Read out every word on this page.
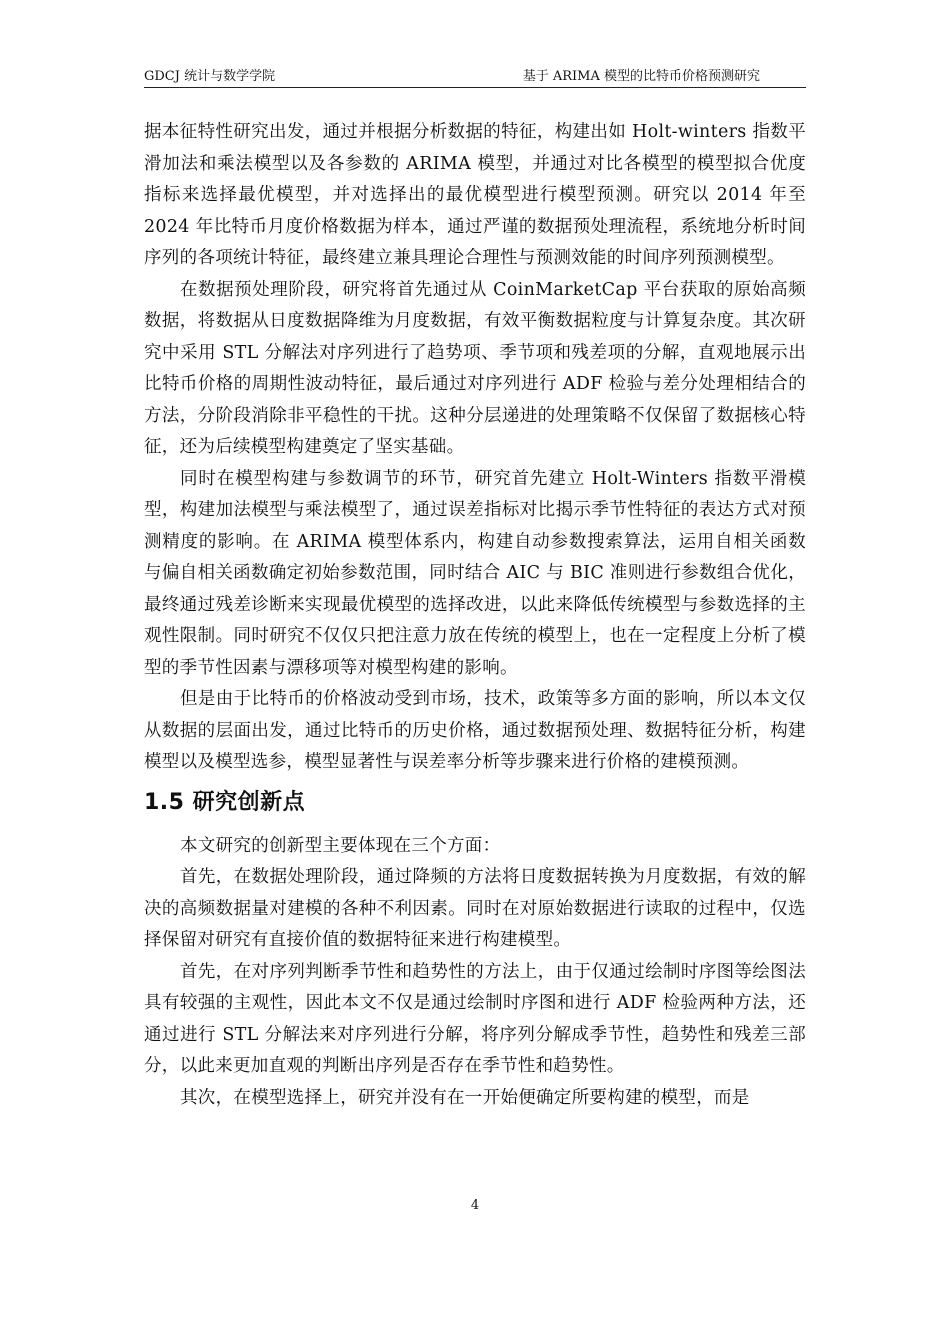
GDCJ 统计与数学学院	基于 ARIMA 模型的比特币价格预测研究

据本征特性研究出发，通过并根据分析数据的特征，构建出如 Holt-winters 指数平滑加法和乘法模型以及各参数的 ARIMA 模型，并通过对比各模型的模型拟合优度指标来选择最优模型，并对选择出的最优模型进行模型预测。研究以 2014 年至 2024 年比特币月度价格数据为样本，通过严谨的数据预处理流程，系统地分析时间序列的各项统计特征，最终建立兼具理论合理性与预测效能的时间序列预测模型。

在数据预处理阶段，研究将首先通过从 CoinMarketCap 平台获取的原始高频数据，将数据从日度数据降维为月度数据，有效平衡数据粒度与计算复杂度。其次研究中采用 STL 分解法对序列进行了趋势项、季节项和残差项的分解，直观地展示出比特币价格的周期性波动特征，最后通过对序列进行 ADF 检验与差分处理相结合的方法，分阶段消除非平稳性的干扰。这种分层递进的处理策略不仅保留了数据核心特征，还为后续模型构建奠定了坚实基础。

同时在模型构建与参数调节的环节，研究首先建立 Holt-Winters 指数平滑模型，构建加法模型与乘法模型了，通过误差指标对比揭示季节性特征的表达方式对预测精度的影响。在 ARIMA 模型体系内，构建自动参数搜索算法，运用自相关函数与偏自相关函数确定初始参数范围，同时结合 AIC 与 BIC 准则进行参数组合优化，最终通过残差诊断来实现最优模型的选择改进，以此来降低传统模型与参数选择的主观性限制。同时研究不仅仅只把注意力放在传统的模型上，也在一定程度上分析了模型的季节性因素与漂移项等对模型构建的影响。

但是由于比特币的价格波动受到市场，技术，政策等多方面的影响，所以本文仅从数据的层面出发，通过比特币的历史价格，通过数据预处理、数据特征分析，构建模型以及模型选参，模型显著性与误差率分析等步骤来进行价格的建模预测。

1.5 研究创新点

本文研究的创新型主要体现在三个方面：

首先，在数据处理阶段，通过降频的方法将日度数据转换为月度数据，有效的解决的高频数据量对建模的各种不利因素。同时在对原始数据进行读取的过程中，仅选择保留对研究有直接价值的数据特征来进行构建模型。

首先，在对序列判断季节性和趋势性的方法上，由于仅通过绘制时序图等绘图法具有较强的主观性，因此本文不仅是通过绘制时序图和进行 ADF 检验两种方法，还通过进行 STL 分解法来对序列进行分解，将序列分解成季节性，趋势性和残差三部分，以此来更加直观的判断出序列是否存在季节性和趋势性。

其次，在模型选择上，研究并没有在一开始便确定所要构建的模型，而是

4
